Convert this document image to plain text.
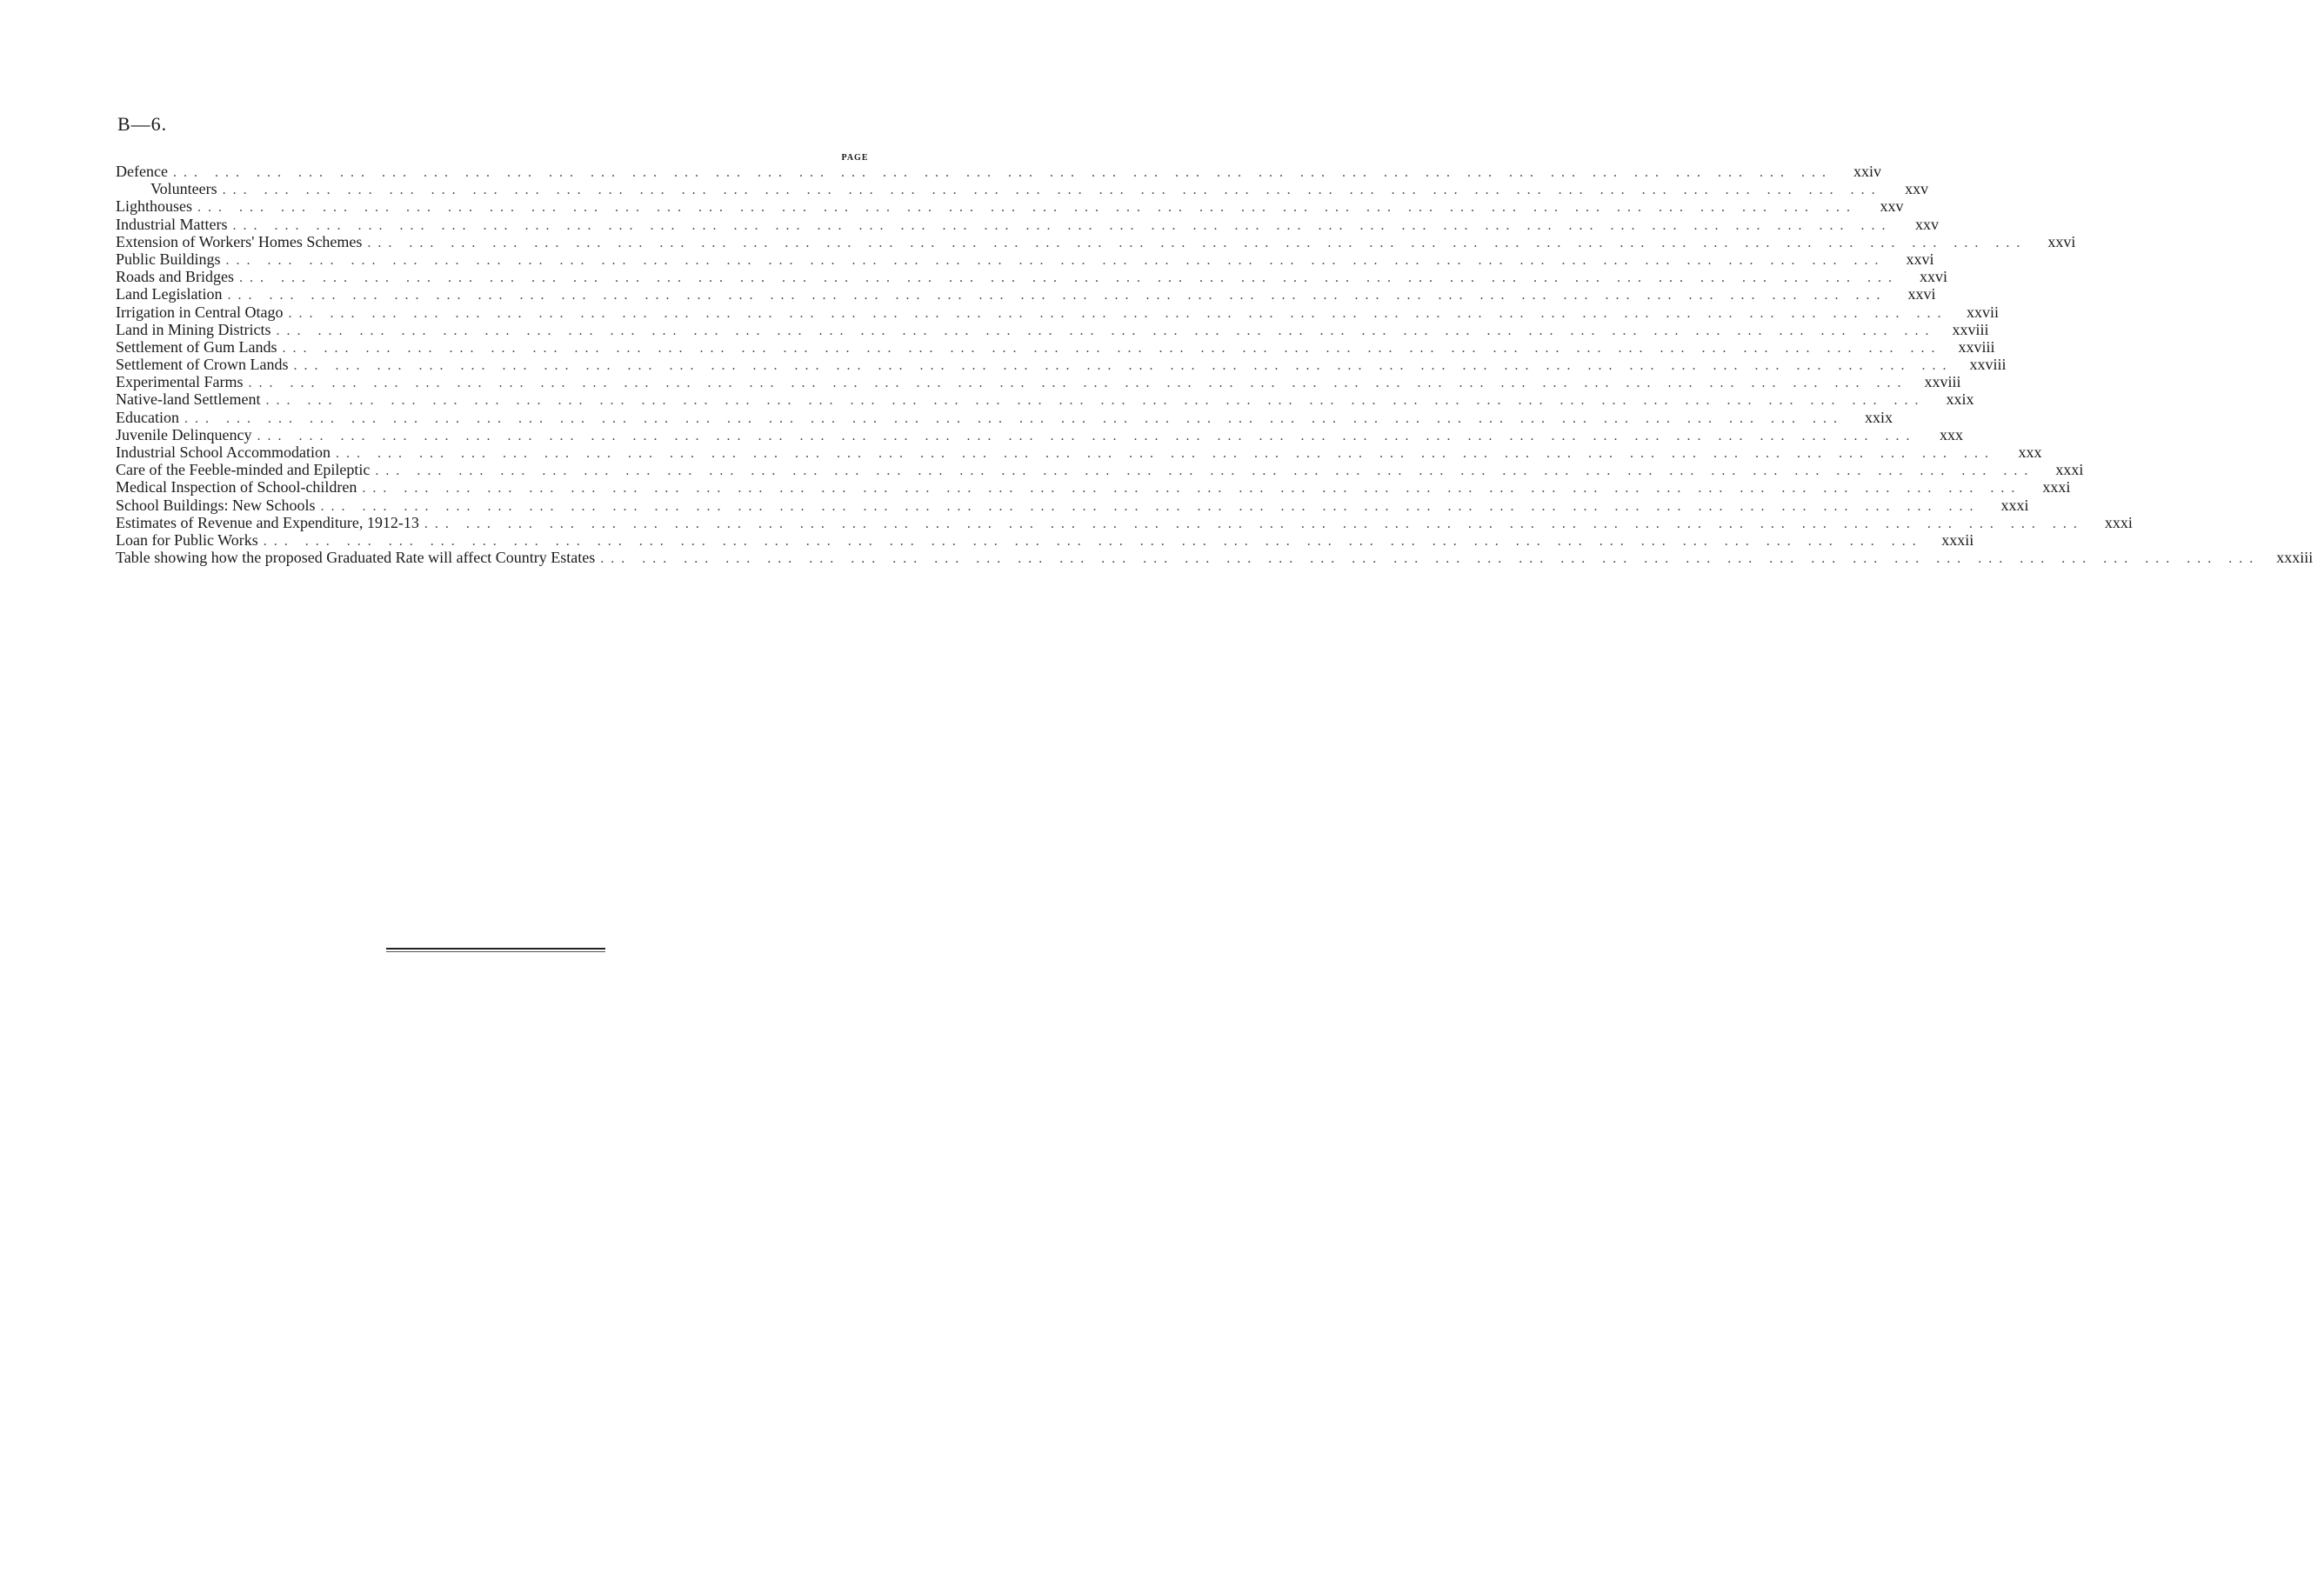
B—6.
PAGE
Defence ... ... ... ... ... ... ... ... ... ... ... ... ... ... ... ... ... ... ... ... ... ... ... ... ... ... ... ... ... ... ... ... ... ... ... ... ... ... ... ...	xxiv
Volunteers ... ... ... ... ... ... ... ... ... ... ... ... ... ... ... ... ... ... ... ... ... ... ... ... ... ... ... ... ... ... ... ... ... ... ... ... ... ... ... ...	xxv
Lighthouses ... ... ... ... ... ... ... ... ... ... ... ... ... ... ... ... ... ... ... ... ... ... ... ... ... ... ... ... ... ... ... ... ... ... ... ... ... ... ... ...	xxv
Industrial Matters ... ... ... ... ... ... ... ... ... ... ... ... ... ... ... ... ... ... ... ... ... ... ... ... ... ... ... ... ... ... ... ... ... ... ... ... ... ... ... ...	xxv
Extension of Workers' Homes Schemes ... ... ... ... ... ... ... ... ... ... ... ... ... ... ... ... ... ... ... ... ... ... ... ... ... ... ... ... ... ... ... ... ... ... ... ... ... ... ... ...	xxvi
Public Buildings ... ... ... ... ... ... ... ... ... ... ... ... ... ... ... ... ... ... ... ... ... ... ... ... ... ... ... ... ... ... ... ... ... ... ... ... ... ... ... ...	xxvi
Roads and Bridges ... ... ... ... ... ... ... ... ... ... ... ... ... ... ... ... ... ... ... ... ... ... ... ... ... ... ... ... ... ... ... ... ... ... ... ... ... ... ... ...	xxvi
Land Legislation ... ... ... ... ... ... ... ... ... ... ... ... ... ... ... ... ... ... ... ... ... ... ... ... ... ... ... ... ... ... ... ... ... ... ... ... ... ... ... ...	xxvi
Irrigation in Central Otago ... ... ... ... ... ... ... ... ... ... ... ... ... ... ... ... ... ... ... ... ... ... ... ... ... ... ... ... ... ... ... ... ... ... ... ... ... ... ... ...	xxvii
Land in Mining Districts ... ... ... ... ... ... ... ... ... ... ... ... ... ... ... ... ... ... ... ... ... ... ... ... ... ... ... ... ... ... ... ... ... ... ... ... ... ... ... ...	xxviii
Settlement of Gum Lands ... ... ... ... ... ... ... ... ... ... ... ... ... ... ... ... ... ... ... ... ... ... ... ... ... ... ... ... ... ... ... ... ... ... ... ... ... ... ... ...	xxviii
Settlement of Crown Lands ... ... ... ... ... ... ... ... ... ... ... ... ... ... ... ... ... ... ... ... ... ... ... ... ... ... ... ... ... ... ... ... ... ... ... ... ... ... ... ...	xxviii
Experimental Farms ... ... ... ... ... ... ... ... ... ... ... ... ... ... ... ... ... ... ... ... ... ... ... ... ... ... ... ... ... ... ... ... ... ... ... ... ... ... ... ...	xxviii
Native-land Settlement ... ... ... ... ... ... ... ... ... ... ... ... ... ... ... ... ... ... ... ... ... ... ... ... ... ... ... ... ... ... ... ... ... ... ... ... ... ... ... ...	xxix
Education ... ... ... ... ... ... ... ... ... ... ... ... ... ... ... ... ... ... ... ... ... ... ... ... ... ... ... ... ... ... ... ... ... ... ... ... ... ... ... ...	xxix
Juvenile Delinquency ... ... ... ... ... ... ... ... ... ... ... ... ... ... ... ... ... ... ... ... ... ... ... ... ... ... ... ... ... ... ... ... ... ... ... ... ... ... ... ...	xxx
Industrial School Accommodation ... ... ... ... ... ... ... ... ... ... ... ... ... ... ... ... ... ... ... ... ... ... ... ... ... ... ... ... ... ... ... ... ... ... ... ... ... ... ... ...	xxx
Care of the Feeble-minded and Epileptic ... ... ... ... ... ... ... ... ... ... ... ... ... ... ... ... ... ... ... ... ... ... ... ... ... ... ... ... ... ... ... ... ... ... ... ... ... ... ... ...	xxxi
Medical Inspection of School-children ... ... ... ... ... ... ... ... ... ... ... ... ... ... ... ... ... ... ... ... ... ... ... ... ... ... ... ... ... ... ... ... ... ... ... ... ... ... ... ...	xxxi
School Buildings: New Schools ... ... ... ... ... ... ... ... ... ... ... ... ... ... ... ... ... ... ... ... ... ... ... ... ... ... ... ... ... ... ... ... ... ... ... ... ... ... ... ...	xxxi
Estimates of Revenue and Expenditure, 1912-13 ... ... ... ... ... ... ... ... ... ... ... ... ... ... ... ... ... ... ... ... ... ... ... ... ... ... ... ... ... ... ... ... ... ... ... ... ... ... ... ...	xxxi
Loan for Public Works ... ... ... ... ... ... ... ... ... ... ... ... ... ... ... ... ... ... ... ... ... ... ... ... ... ... ... ... ... ... ... ... ... ... ... ... ... ... ... ...	xxxii
Table showing how the proposed Graduated Rate will affect Country Estates ... ... ... ... ... ... ... ... ... ... ... ... ... ... ... ... ... ... ... ... ... ... ... ... ... ... ... ... ... ... ... ... ... ... ... ... ... ... ... ...	xxxiii
